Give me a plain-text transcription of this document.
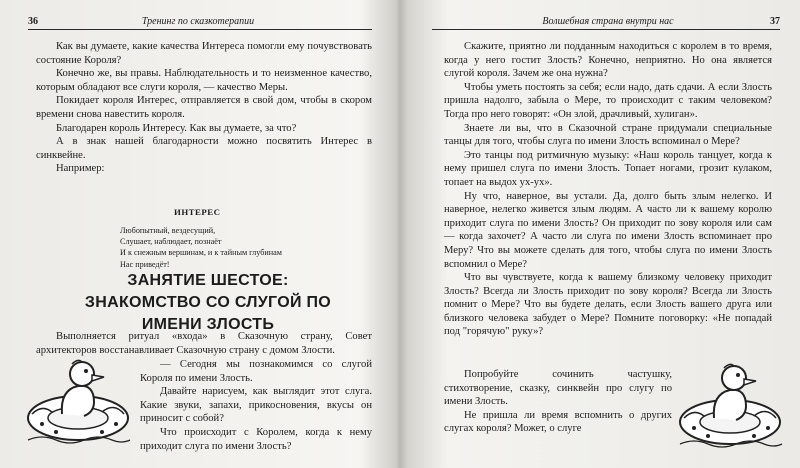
36	Тренинг по сказкотерапии

Как вы думаете, какие качества Интереса помогли ему почувствовать состояние Короля?

Конечно же, вы правы. Наблюдательность и то неизменное качество, которым обладают все слуги короля, — качество Меры.

Покидает короля Интерес, отправляется в свой дом, чтобы в скором времени снова навестить короля.

Благодарен король Интересу. Как вы думаете, за что?

А в знак нашей благодарности можно посвятить Интерес в синквейне.

Например:

ИНТЕРЕС
Любопытный, вездесущий,
Слушает, наблюдает, познаёт
И к снежным вершинам, и к тайным глубинам
Нас приведёт!
ЗАНЯТИЕ ШЕСТОЕ:
ЗНАКОМСТВО СО СЛУГОЙ ПО ИМЕНИ ЗЛОСТЬ

Выполняется ритуал «входа» в Сказочную страну, Совет архитекторов восстанавливает Сказочную страну с домом Злости.

— Сегодня мы познакомимся со слугой Короля по имени Злость.

Давайте нарисуем, как выглядит этот слуга. Какие звуки, запахи, прикосновения, вкусы он приносит с собой?

Что происходит с Королем, когда к нему приходит слуга по имени Злость?

Волшебная страна внутри нас	37

Скажите, приятно ли подданным находиться с королем в то время, когда у него гостит Злость? Конечно, неприятно. Но она является слугой короля. Зачем же она нужна?

Чтобы уметь постоять за себя; если надо, дать сдачи. А если Злость пришла надолго, забыла о Мере, то происходит с таким человеком? Тогда про него говорят: «Он злой, драчливый, хулиган».

Знаете ли вы, что в Сказочной стране придумали специальные танцы для того, чтобы слуга по имени Злость вспоминал о Мере?

Это танцы под ритмичную музыку: «Наш король танцует, когда к нему пришел слуга по имени Злость. Топает ногами, грозит кулаком, топает на выдох ух-ух».

Ну что, наверное, вы устали. Да, долго быть злым нелегко. И наверное, нелегко живется злым людям. А часто ли к вашему королю приходит слуга по имени Злость? Он приходит по зову короля или сам — когда захочет? А часто ли слуга по имени Злость вспоминает про Меру? Что вы можете сделать для того, чтобы слуга по имени Злость вспомнил о Мере?

Что вы чувствуете, когда к вашему близкому человеку приходит Злость? Всегда ли Злость приходит по зову короля? Всегда ли Злость помнит о Мере? Что вы будете делать, если Злость вашего друга или близкого человека забудет о Мере? Помните поговорку: «Не попадай под "горячую" руку»?

Попробуйте сочинить частушку, стихотворение, сказку, синквейн про слугу по имени Злость.

Не пришла ли время вспомнить о других слугах короля? Может, о слуге
